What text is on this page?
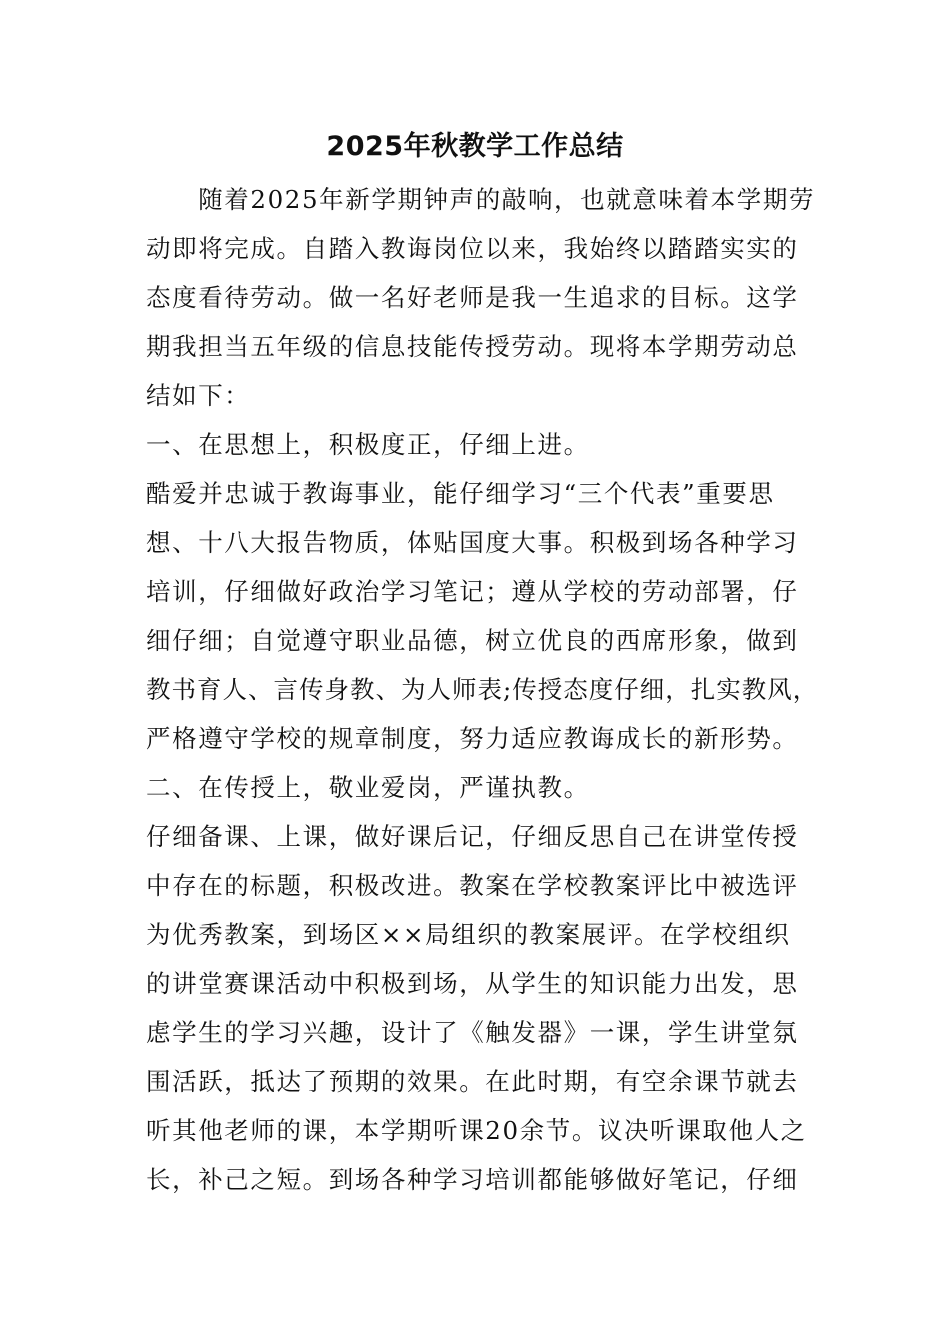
2025年秋教学工作总结
　　随着2025年新学期钟声的敲响，也就意味着本学期劳
动即将完成。自踏入教诲岗位以来，我始终以踏踏实实的
态度看待劳动。做一名好老师是我一生追求的目标。这学
期我担当五年级的信息技能传授劳动。现将本学期劳动总
结如下：
一、在思想上，积极度正，仔细上进。
酷爱并忠诚于教诲事业，能仔细学习“三个代表”重要思
想、十八大报告物质，体贴国度大事。积极到场各种学习
培训，仔细做好政治学习笔记；遵从学校的劳动部署，仔
细仔细；自觉遵守职业品德，树立优良的西席形象，做到
教书育人、言传身教、为人师表;传授态度仔细，扎实教风，
严格遵守学校的规章制度，努力适应教诲成长的新形势。
二、在传授上，敬业爱岗，严谨执教。
仔细备课、上课，做好课后记，仔细反思自己在讲堂传授
中存在的标题，积极改进。教案在学校教案评比中被选评
为优秀教案，到场区××局组织的教案展评。在学校组织
的讲堂赛课活动中积极到场，从学生的知识能力出发，思
虑学生的学习兴趣，设计了《触发器》一课，学生讲堂氛
围活跃，抵达了预期的效果。在此时期，有空余课节就去
听其他老师的课，本学期听课20余节。议决听课取他人之
长，补己之短。到场各种学习培训都能够做好笔记，仔细
